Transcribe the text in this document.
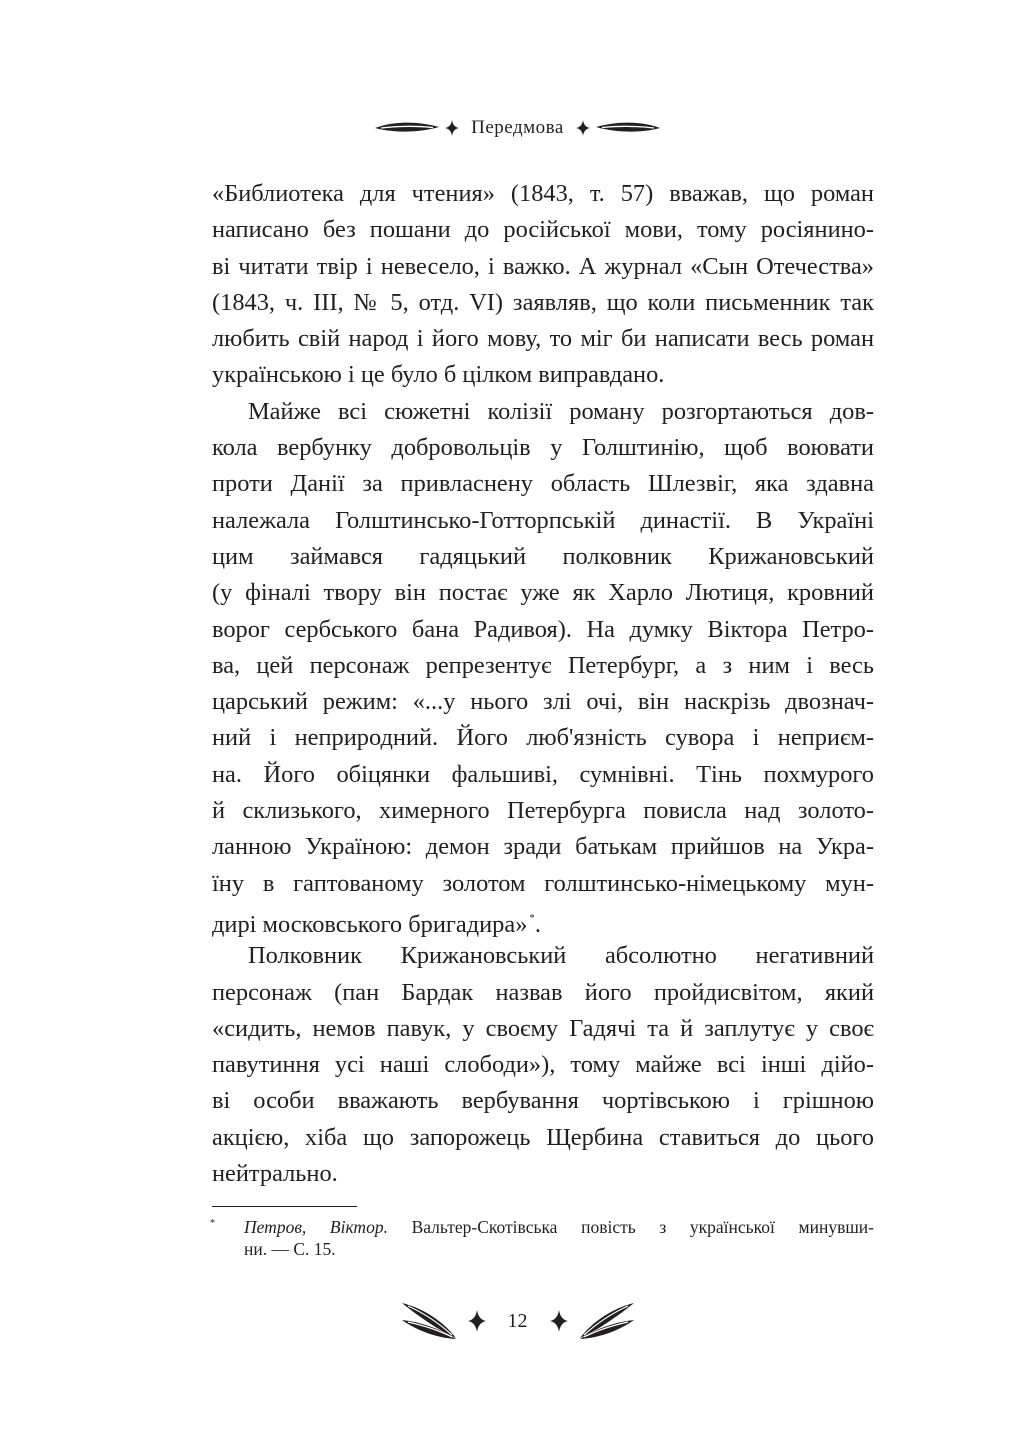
Передмова
«Библиотека для чтения» (1843, т. 57) вважав, що роман
написано без пошани до російської мови, тому росіянино-
ві читати твір і невесело, і важко. А журнал «Сын Отечества»
(1843, ч. III, № 5, отд. VI) заявляв, що коли письменник так
любить свій народ і його мову, то міг би написати весь роман
українською і це було б цілком виправдано.
Майже всі сюжетні колізії роману розгортаються дов-
кола вербунку добровольців у Голштинію, щоб воювати
проти Данії за привласнену область Шлезвіг, яка здавна
належала Голштинсько-Готторпській династії. В Україні
цим займався гадяцький полковник Крижановський
(у фіналі твору він постає уже як Харло Лютиця, кровний
ворог сербського бана Радивоя). На думку Віктора Петро-
ва, цей персонаж репрезентує Петербург, а з ним і весь
царський режим: «...у нього злі очі, він наскрізь двознач-
ний і неприродний. Його люб'язність сувора і неприєм-
на. Його обіцянки фальшиві, сумнівні. Тінь похмурого
й склизького, химерного Петербурга повисла над золото-
ланною Україною: демон зради батькам прийшов на Укра-
їну в гаптованому золотом голштинсько-німецькому мун-
дирі московського бригадира» *.
Полковник Крижановський абсолютно негативний
персонаж (пан Бардак назвав його пройдисвітом, який
«сидить, немов павук, у своєму Гадячі та й заплутує у своє
павутиння усі наші слободи»), тому майже всі інші дійо-
ві особи вважають вербування чортівською і грішною
акцією, хіба що запорожець Щербина ставиться до цього
нейтрально.
*	Петров, Віктор. Вальтер-Скотівська повість з української минувши-
ни. — С. 15.
12
